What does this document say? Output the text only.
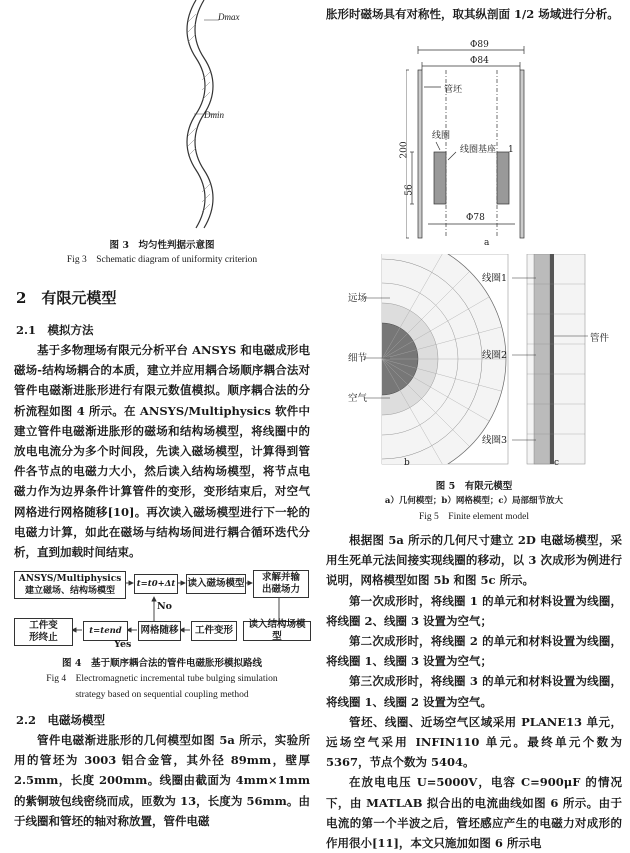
Dmax
Dmin
图 3　均匀性判据示意图
Fig 3　Schematic diagram of uniformity criterion
2　有限元模型
2.1　模拟方法

基于多物理场有限元分析平台 ANSYS 和电磁成形电磁场-结构场耦合的本质，建立并应用耦合场顺序耦合法对管件电磁渐进胀形进行有限元数值模拟。顺序耦合法的分析流程如图 4 所示。在 ANSYS/Multiphysics 软件中建立管件电磁渐进胀形的磁场和结构场模型，将线圈中的放电电流分为多个时间段，先读入磁场模型，计算得到管件各节点的电磁力大小，然后读入结构场模型，将节点电磁力作为边界条件计算管件的变形，变形结束后，对空气网格进行网格随移[10]。再次读入磁场模型进行下一轮的电磁力计算，如此在磁场与结构场间进行耦合循环迭代分析，直到加载时间结束。

ANSYS/Multiphysics
建立磁场、结构场模型
t=t0+Δt 读入磁场模型
求解并输
出磁场力
No
工件变
形终止
t=tend
Yes
网格随移	工件变形
读入结构场模型
图 4　基于顺序耦合法的管件电磁胀形模拟路线
Fig 4　Electromagnetic incremental tube bulging simulation
strategy based on sequential coupling method
2.2　电磁场模型

管件电磁渐进胀形的几何模型如图 5a 所示，实验所用的管坯为 3003 铝合金管，其外径 89mm，壁厚 2.5mm，长度 200mm。线圈由截面为 4mm×1mm 的紫铜玻包线密绕而成，匝数为 13，长度为 56mm。由于线圈和管坯的轴对称放置，管件电磁

胀形时磁场具有对称性，取其纵剖面 1/2 场域进行分析。

Φ89
Φ84
Φ78
200
56
1
管坯
线圈
线圈基座
a
远场
细节
空气
线圈1
线圈2
线圈3
管件
b	c
图 5　有限元模型
a）几何模型；b）网格模型；c）局部细节放大
Fig 5　Finite element model

根据图 5a 所示的几何尺寸建立 2D 电磁场模型，采用生死单元法间接实现线圈的移动，以 3 次成形为例进行说明，网格模型如图 5b 和图 5c 所示。

第一次成形时，将线圈 1 的单元和材料设置为线圈，将线圈 2、线圈 3 设置为空气；

第二次成形时，将线圈 2 的单元和材料设置为线圈，将线圈 1、线圈 3 设置为空气；

第三次成形时，将线圈 3 的单元和材料设置为线圈，将线圈 1、线圈 2 设置为空气。

管坯、线圈、近场空气区域采用 PLANE13 单元，远场空气采用 INFIN110 单元。最终单元个数为 5367，节点个数为 5404。

在放电电压 U=5000V，电容 C=900μF 的情况下，由 MATLAB 拟合出的电流曲线如图 6 所示。由于电流的第一个半波之后，管坯感应产生的电磁力对成形的作用很小[11]，本文只施加如图 6 所示电
